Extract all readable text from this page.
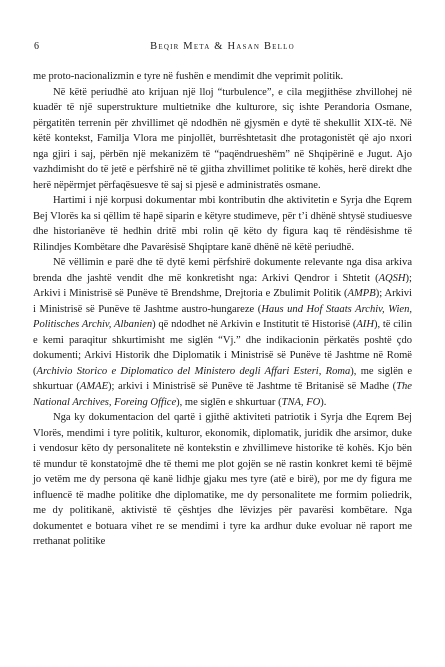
6	Beqir Meta & Hasan Bello

me proto-nacionalizmin e tyre në fushën e mendimit dhe veprimit politik.

Në këtë periudhë ato krijuan një lloj “turbulence”, e cila megjithëse zhvillohej në kuadër të një superstrukture multietnike dhe kulturore, siç ishte Perandoria Osmane, përgatitën terrenin për zhvillimet që ndodhën në gjysmën e dytë të shekullit XIX-të. Në këtë kontekst, Familja Vlora me pinjollët, burrështetasit dhe protagonistët që ajo nxori nga gjiri i saj, përbën një mekanizëm të “paqëndrueshëm” në Shqipërinë e Jugut. Ajo vazhdimisht do të jetë e përfshirë në të gjitha zhvillimet politike të kohës, herë direkt dhe herë nëpërmjet përfaqësuesve të saj si pjesë e administratës osmane.

Hartimi i një korpusi dokumentar mbi kontributin dhe aktivitetin e Syrja dhe Eqrem Bej Vlorës ka si qëllim të hapë siparin e këtyre studimeve, për t’i dhënë shtysë studiuesve dhe historianëve të hedhin dritë mbi rolin që këto dy figura kaq të rëndësishme të Rilindjes Kombëtare dhe Pavarësisë Shqiptare kanë dhënë në këtë periudhë.

Në vëllimin e parë dhe të dytë kemi përfshirë dokumente relevante nga disa arkiva brenda dhe jashtë vendit dhe më konkretisht nga: Arkivi Qendror i Shtetit (AQSH); Arkivi i Ministrisë së Punëve të Brendshme, Drejtoria e Zbulimit Politik (AMPB); Arkivi i Ministrisë së Punëve të Jashtme austro-hungareze (Haus und Hof Staats Archiv, Wien, Politisches Archiv, Albanien) që ndodhet në Arkivin e Institutit të Historisë (AIH), të cilin e kemi paraqitur shkurtimisht me siglën “Vj.” dhe indikacionin përkatës poshtë çdo dokumenti; Arkivi Historik dhe Diplomatik i Ministrisë së Punëve të Jashtme në Romë (Archivio Storico e Diplomatico del Ministero degli Affari Esteri, Roma), me siglën e shkurtuar (AMAE); arkivi i Ministrisë së Punëve të Jashtme të Britanisë së Madhe (The National Archives, Foreing Office), me siglën e shkurtuar (TNA, FO).

Nga ky dokumentacion del qartë i gjithë aktiviteti patriotik i Syrja dhe Eqrem Bej Vlorës, mendimi i tyre politik, kulturor, ekonomik, diplomatik, juridik dhe arsimor, duke i vendosur këto dy personalitete në kontekstin e zhvillimeve historike të kohës. Kjo bën të mundur të konstatojmë dhe të themi me plot gojën se në rastin konkret kemi të bëjmë jo vetëm me dy persona që kanë lidhje gjaku mes tyre (atë e birë), por me dy figura me influencë të madhe politike dhe diplomatike, me dy personalitete me formim poliedrik, me dy politikanë, aktivistë të çështjes dhe lëvizjes për pavarësi kombëtare. Nga dokumentet e botuara vihet re se mendimi i tyre ka ardhur duke evoluar në raport me rrethanat politike
